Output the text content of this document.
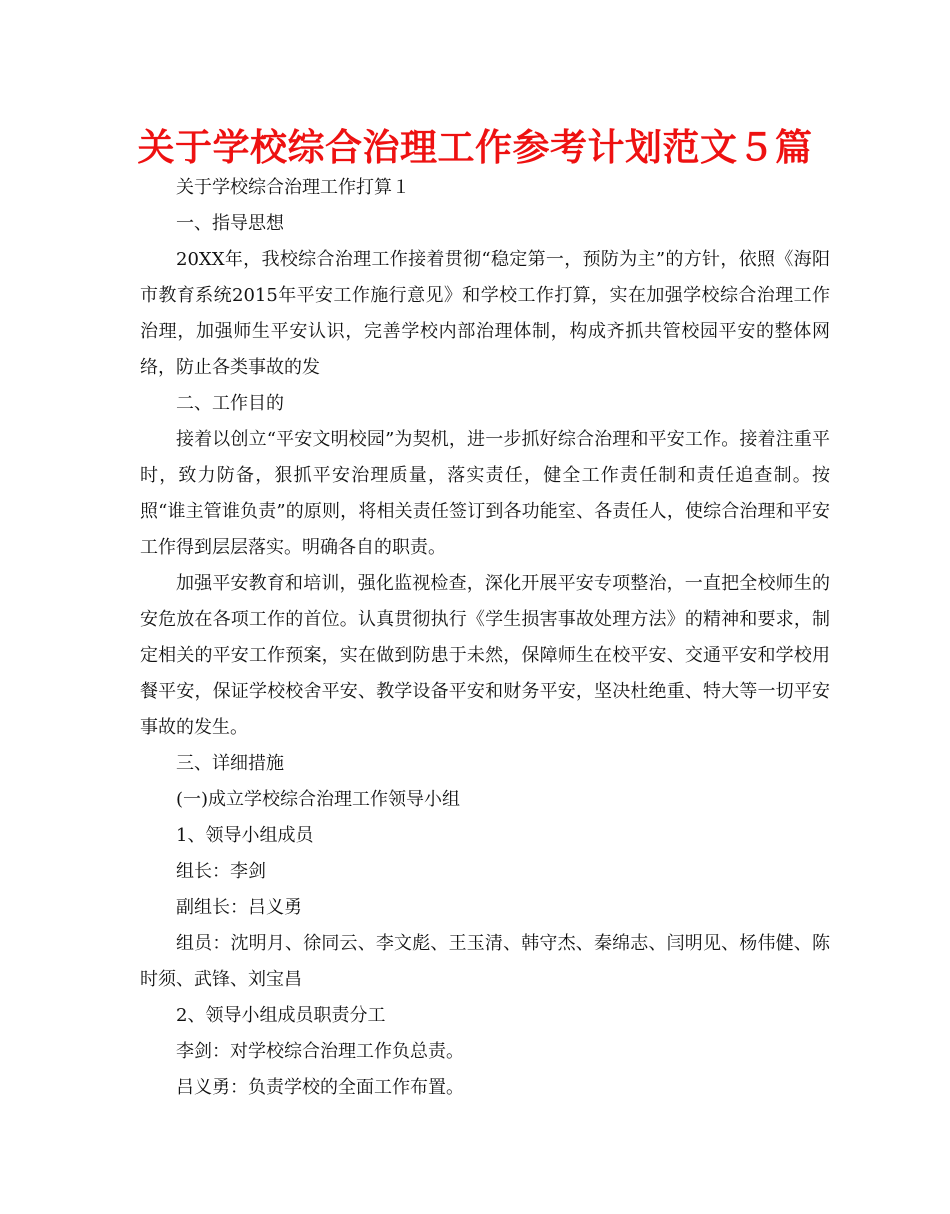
关于学校综合治理工作参考计划范文５篇

关于学校综合治理工作打算１

一、指导思想

20XX年，我校综合治理工作接着贯彻“稳定第一，预防为主”的方针，依照《海阳市教育系统2015年平安工作施行意见》和学校工作打算，实在加强学校综合治理工作治理，加强师生平安认识，完善学校内部治理体制，构成齐抓共管校园平安的整体网络，防止各类事故的发

二、工作目的

接着以创立“平安文明校园”为契机，进一步抓好综合治理和平安工作。接着注重平时，致力防备，狠抓平安治理质量，落实责任，健全工作责任制和责任追查制。按照“谁主管谁负责”的原则，将相关责任签订到各功能室、各责任人，使综合治理和平安工作得到层层落实。明确各自的职责。

加强平安教育和培训，强化监视检查，深化开展平安专项整治，一直把全校师生的安危放在各项工作的首位。认真贯彻执行《学生损害事故处理方法》的精神和要求，制定相关的平安工作预案，实在做到防患于未然，保障师生在校平安、交通平安和学校用餐平安，保证学校校舍平安、教学设备平安和财务平安，坚决杜绝重、特大等一切平安事故的发生。

三、详细措施

(一)成立学校综合治理工作领导小组

1、领导小组成员

组长：李剑

副组长：吕义勇

组员：沈明月、徐同云、李文彪、王玉清、韩守杰、秦绵志、闫明见、杨伟健、陈时须、武锋、刘宝昌

2、领导小组成员职责分工

李剑：对学校综合治理工作负总责。

吕义勇：负责学校的全面工作布置。
